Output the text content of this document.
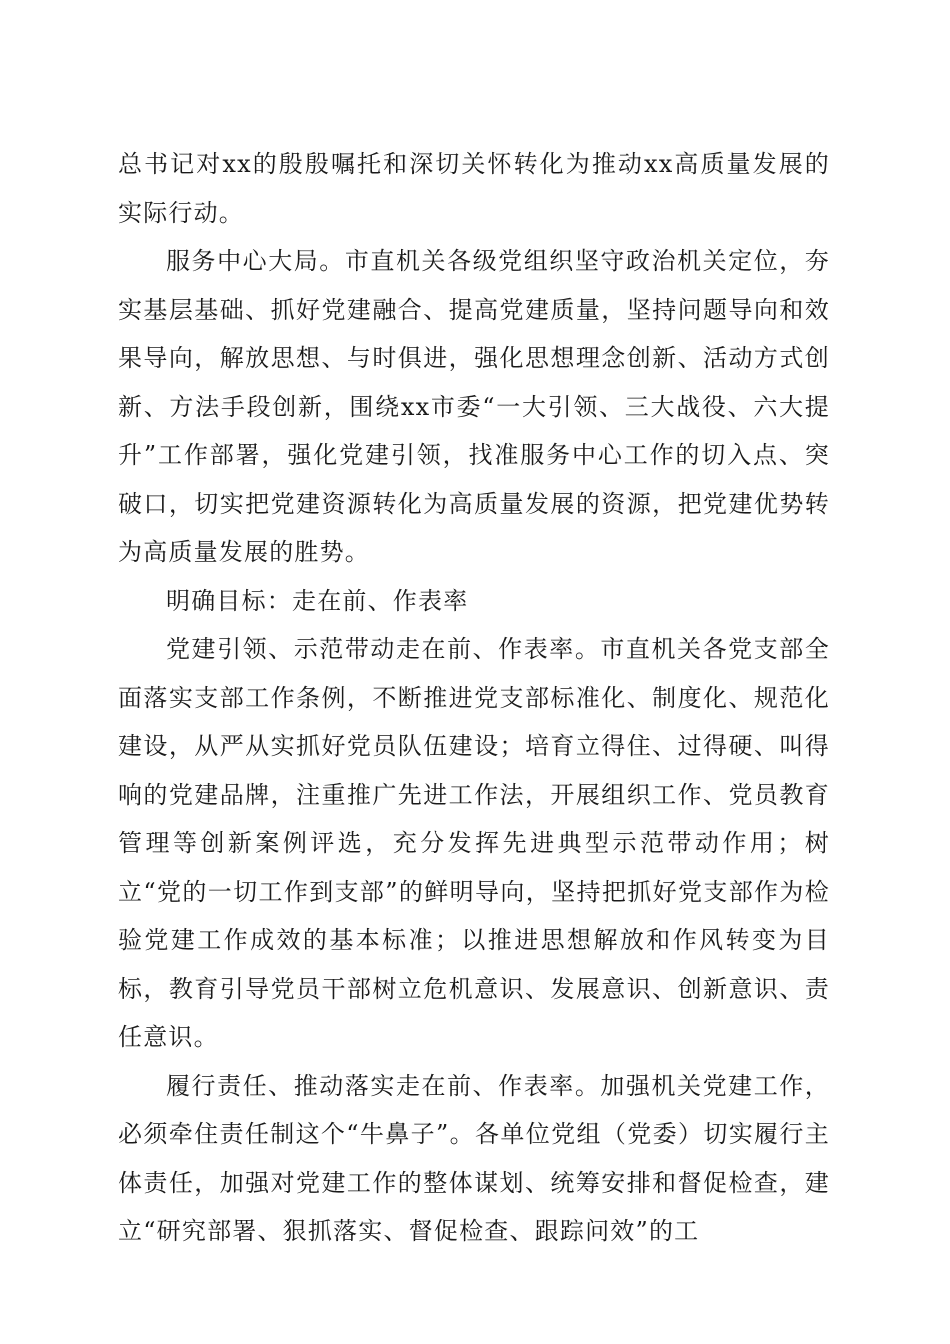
总书记对xx的殷殷嘱托和深切关怀转化为推动xx高质量发展的实际行动。

服务中心大局。市直机关各级党组织坚守政治机关定位，夯实基层基础、抓好党建融合、提高党建质量，坚持问题导向和效果导向，解放思想、与时俱进，强化思想理念创新、活动方式创新、方法手段创新，围绕xx市委“一大引领、三大战役、六大提升”工作部署，强化党建引领，找准服务中心工作的切入点、突破口，切实把党建资源转化为高质量发展的资源，把党建优势转为高质量发展的胜势。

明确目标：走在前、作表率

党建引领、示范带动走在前、作表率。市直机关各党支部全面落实支部工作条例，不断推进党支部标准化、制度化、规范化建设，从严从实抓好党员队伍建设；培育立得住、过得硬、叫得响的党建品牌，注重推广先进工作法，开展组织工作、党员教育管理等创新案例评选，充分发挥先进典型示范带动作用；树立“党的一切工作到支部”的鲜明导向，坚持把抓好党支部作为检验党建工作成效的基本标准；以推进思想解放和作风转变为目标，教育引导党员干部树立危机意识、发展意识、创新意识、责任意识。

履行责任、推动落实走在前、作表率。加强机关党建工作，必须牵住责任制这个“牛鼻子”。各单位党组（党委）切实履行主体责任，加强对党建工作的整体谋划、统筹安排和督促检查，建立“研究部署、狠抓落实、督促检查、跟踪问效”的工
